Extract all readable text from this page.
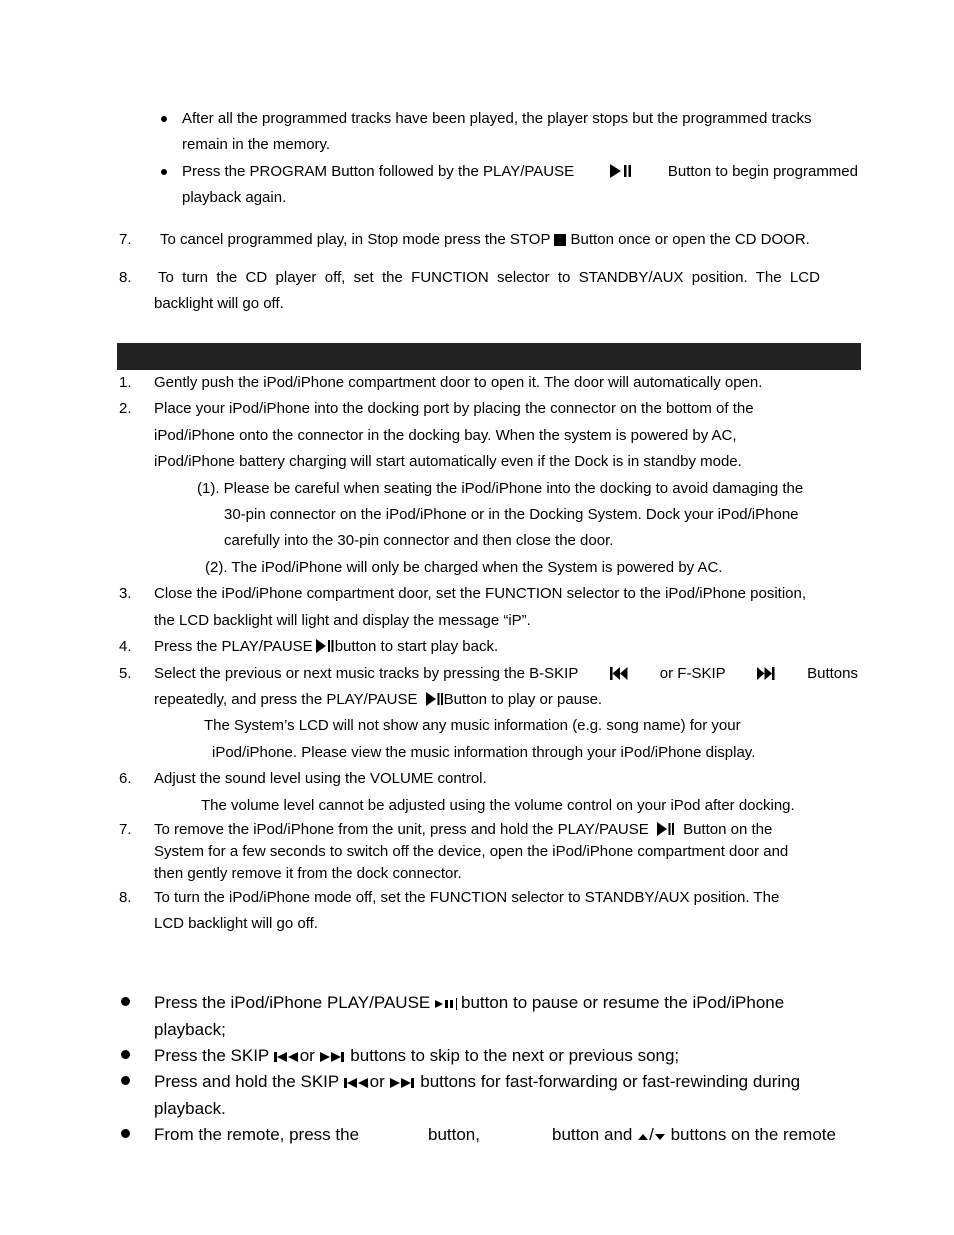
After all the programmed tracks have been played, the player stops but the programmed tracks
remain in the memory.
Press the PROGRAM Button followed by the PLAY/PAUSE	Button to begin programmed
playback again.
7. To cancel programmed play, in Stop mode press the STOP Button once or open the CD DOOR.
8. To  turn  the  CD  player  off,  set  the  FUNCTION  selector  to  STANDBY/AUX  position.  The  LCD
backlight will go off.
1. Gently push the iPod/iPhone compartment door to open it. The door will automatically open.
2. Place your iPod/iPhone into the docking port by placing the connector on the bottom of the
iPod/iPhone onto the connector in the docking bay. When the system is powered by AC,
iPod/iPhone battery charging will start automatically even if the Dock is in standby mode.
(1). Please be careful when seating the iPod/iPhone into the docking to avoid damaging the
30-pin connector on the iPod/iPhone or in the Docking System. Dock your iPod/iPhone
carefully into the 30-pin connector and then close the door.
(2). The iPod/iPhone will only be charged when the System is powered by AC.
3. Close the iPod/iPhone compartment door, set the FUNCTION selector to the iPod/iPhone position,
the LCD backlight will light and display the message “iP”.
4. Press the PLAY/PAUSE button to start play back.
5. Select the previous or next music tracks by pressing the B-SKIP	or F-SKIP	Buttons
repeatedly, and press the PLAY/PAUSE Button to play or pause.
The System’s LCD will not show any music information (e.g. song name) for your
iPod/iPhone. Please view the music information through your iPod/iPhone display.
6. Adjust the sound level using the VOLUME control.
The volume level cannot be adjusted using the volume control on your iPod after docking.
7. To remove the iPod/iPhone from the unit, press and hold the PLAY/PAUSE Button on the
System for a few seconds to switch off the device, open the iPod/iPhone compartment door and
then gently remove it from the dock connector.
8. To turn the iPod/iPhone mode off, set the FUNCTION selector to STANDBY/AUX position. The
LCD backlight will go off.
Press the iPod/iPhone PLAY/PAUSE button to pause or resume the iPod/iPhone
playback;
Press the SKIP or buttons to skip to the next or previous song;
Press and hold the SKIP or buttons for fast-forwarding or fast-rewinding during
playback.
From the remote, press the	button,	button and / buttons on the remote
